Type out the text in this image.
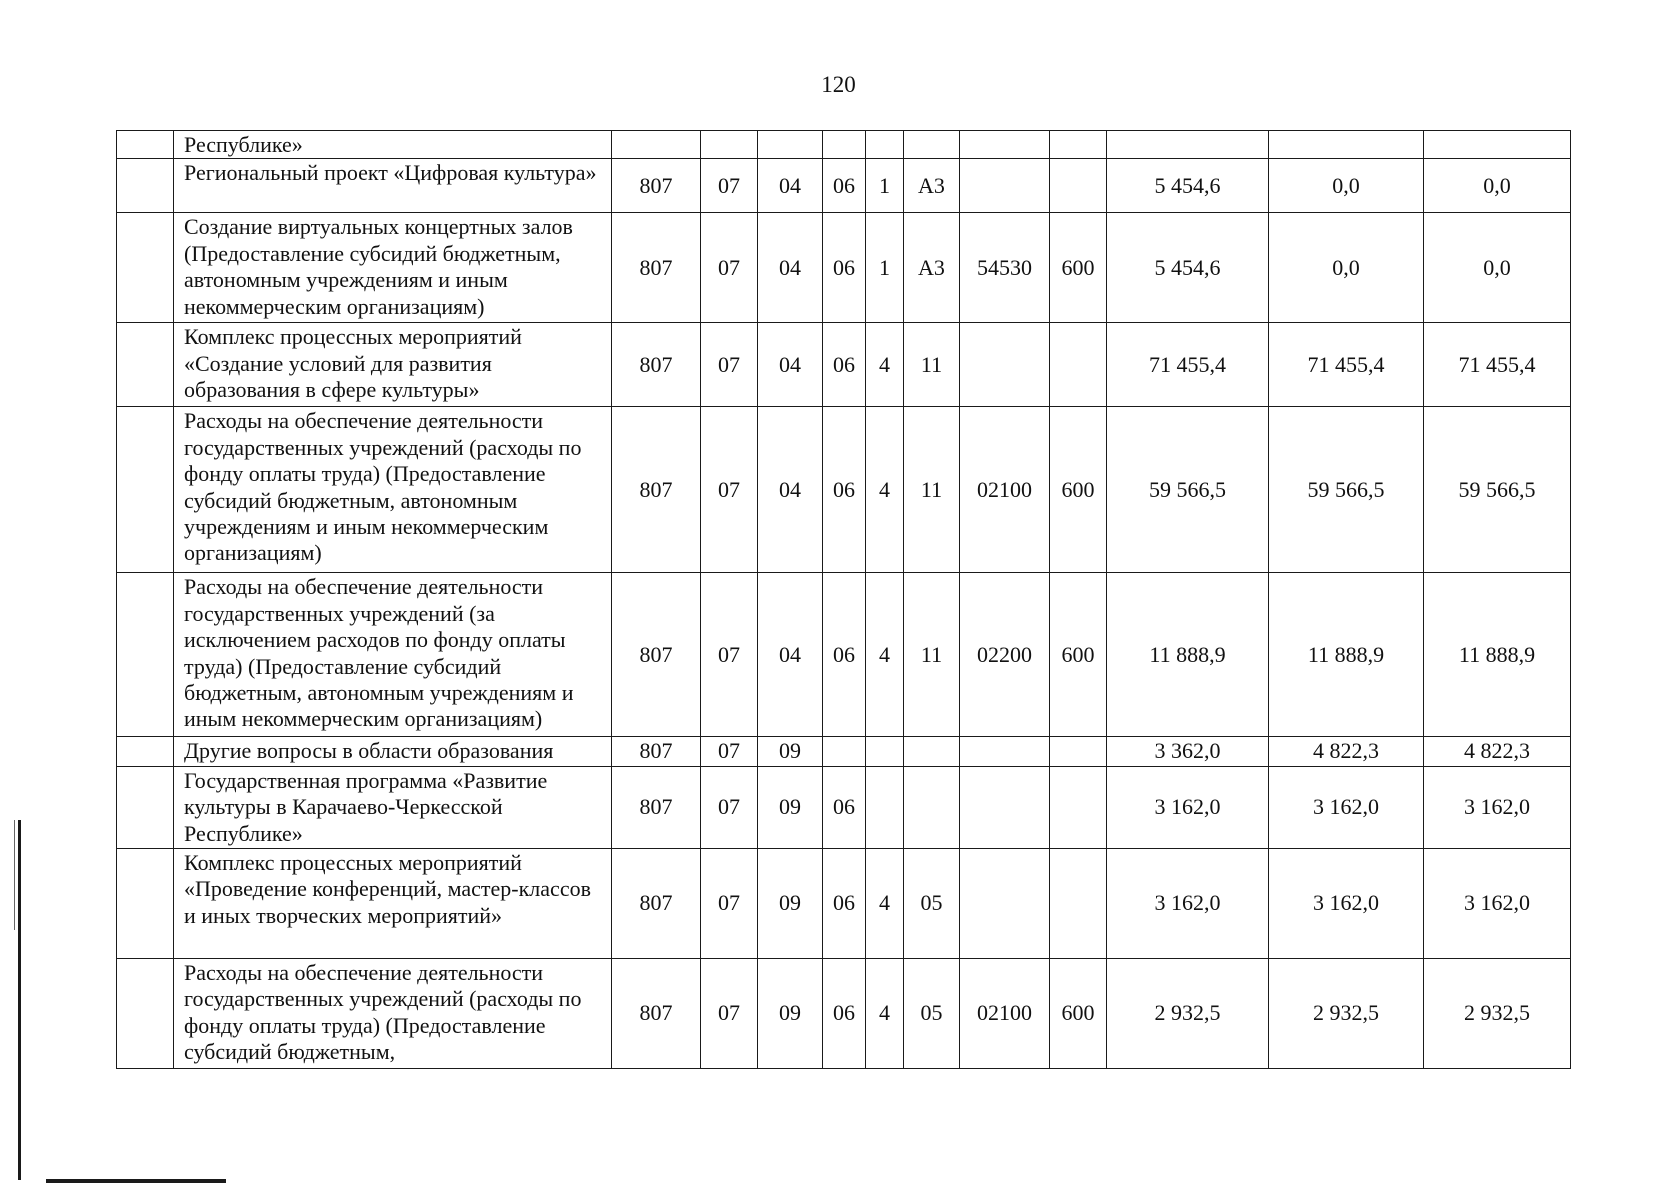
120
	Республике»											
	Региональный проект «Цифровая культура»	807	07	04	06	1	А3			5 454,6	0,0	0,0
	Создание виртуальных концертных залов (Предоставление субсидий бюджетным, автономным учреждениям и иным некоммерческим организациям)	807	07	04	06	1	А3	54530	600	5 454,6	0,0	0,0
	Комплекс процессных мероприятий «Создание условий для развития образования в сфере культуры»	807	07	04	06	4	11			71 455,4	71 455,4	71 455,4
	Расходы на обеспечение деятельности государственных учреждений (расходы по фонду оплаты труда) (Предоставление субсидий бюджетным, автономным учреждениям и иным некоммерческим организациям)	807	07	04	06	4	11	02100	600	59 566,5	59 566,5	59 566,5
	Расходы на обеспечение деятельности государственных учреждений (за исключением расходов по фонду оплаты труда) (Предоставление субсидий бюджетным, автономным учреждениям и иным некоммерческим организациям)	807	07	04	06	4	11	02200	600	11 888,9	11 888,9	11 888,9
	Другие вопросы в области образования	807	07	09						3 362,0	4 822,3	4 822,3
	Государственная программа «Развитие культуры в Карачаево-Черкесской Республике»	807	07	09	06					3 162,0	3 162,0	3 162,0
	Комплекс процессных мероприятий «Проведение конференций, мастер-классов и иных творческих мероприятий»	807	07	09	06	4	05			3 162,0	3 162,0	3 162,0
	Расходы на обеспечение деятельности государственных учреждений (расходы по фонду оплаты труда) (Предоставление субсидий бюджетным,	807	07	09	06	4	05	02100	600	2 932,5	2 932,5	2 932,5
